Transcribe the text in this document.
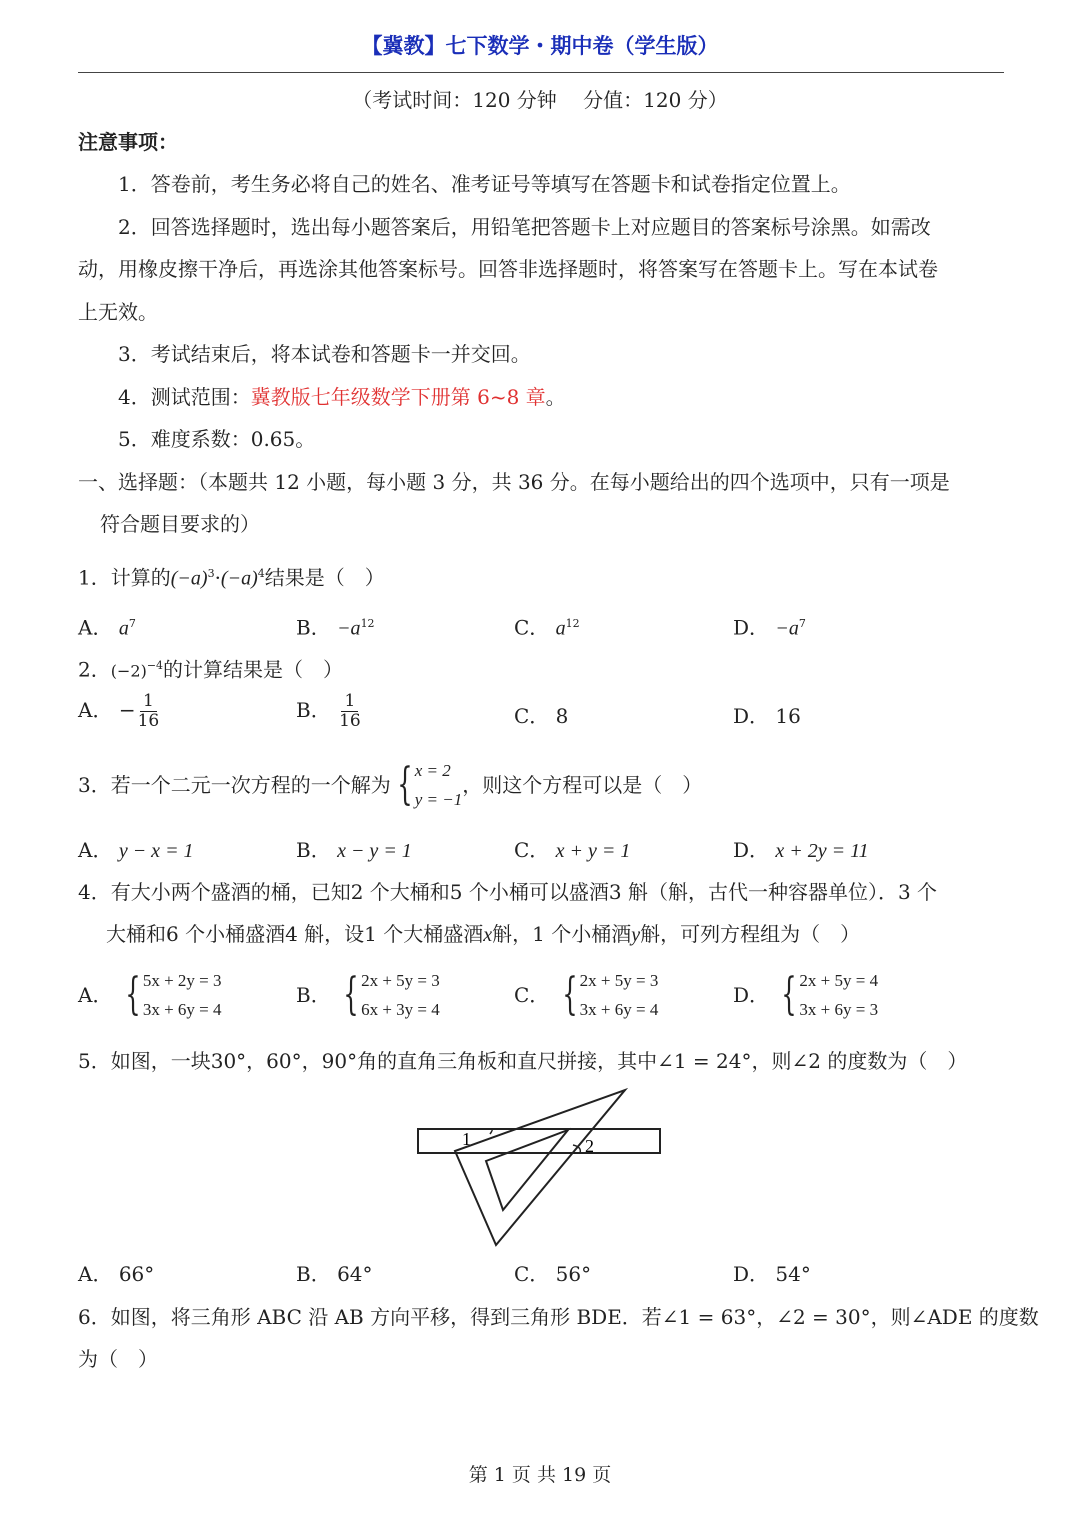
【冀教】七下数学・期中卷（学生版）
（考试时间：120 分钟　 分值：120 分）
注意事项：
1．答卷前，考生务必将自己的姓名、准考证号等填写在答题卡和试卷指定位置上。
2．回答选择题时，选出每小题答案后，用铅笔把答题卡上对应题目的答案标号涂黑。如需改
动，用橡皮擦干净后，再选涂其他答案标号。回答非选择题时，将答案写在答题卡上。写在本试卷
上无效。
3．考试结束后，将本试卷和答题卡一并交回。
4．测试范围：冀教版七年级数学下册第 6~8 章。
5．难度系数：0.65。
一、选择题：（本题共 12 小题，每小题 3 分，共 36 分。在每小题给出的四个选项中，只有一项是
符合题目要求的）
1．计算的$(-a)^3\cdot(-a)^4$结果是（　）
A． $a^7$	B． $-a^{12}$	C． $a^{12}$	D． $-a^7$
2．$(-2)^{-4}$的计算结果是（　）
A． − $\frac{1}{16}$	B． $\frac{1}{16}$	C． 8	D． 16
3．若一个二元一次方程的一个解为 { x = 2
y = −1
，则这个方程可以是（　）
A． y − x = 1	B． x − y = 1	C． x + y = 1	D． x + 2y = 11
4．有大小两个盛酒的桶，已知2 个大桶和5 个小桶可以盛酒3 斛（斛，古代一种容器单位）．3 个
大桶和6 个小桶盛酒4 斛，设1 个大桶盛酒x斛，1 个小桶酒y斛，可列方程组为（　）
A．
{ 5x + 2y = 3
3x + 6y = 4
B．
{ 2x + 5y = 3
6x + 3y = 4
C．
{ 2x + 5y = 3
3x + 6y = 4
D．
{ 2x + 5y = 4
3x + 6y = 3
5．如图，一块30°，60°，90°角的直角三角板和直尺拼接，其中∠1 = 24°，则∠2 的度数为（　）
1	2
A． 66°	B． 64°	C． 56°	D． 54°
6．如图，将三角形 ABC 沿 AB 方向平移，得到三角形 BDE．若∠1 = 63°，∠2 = 30°，则∠ADE 的度数
为（　）
第 1 页 共 19 页
